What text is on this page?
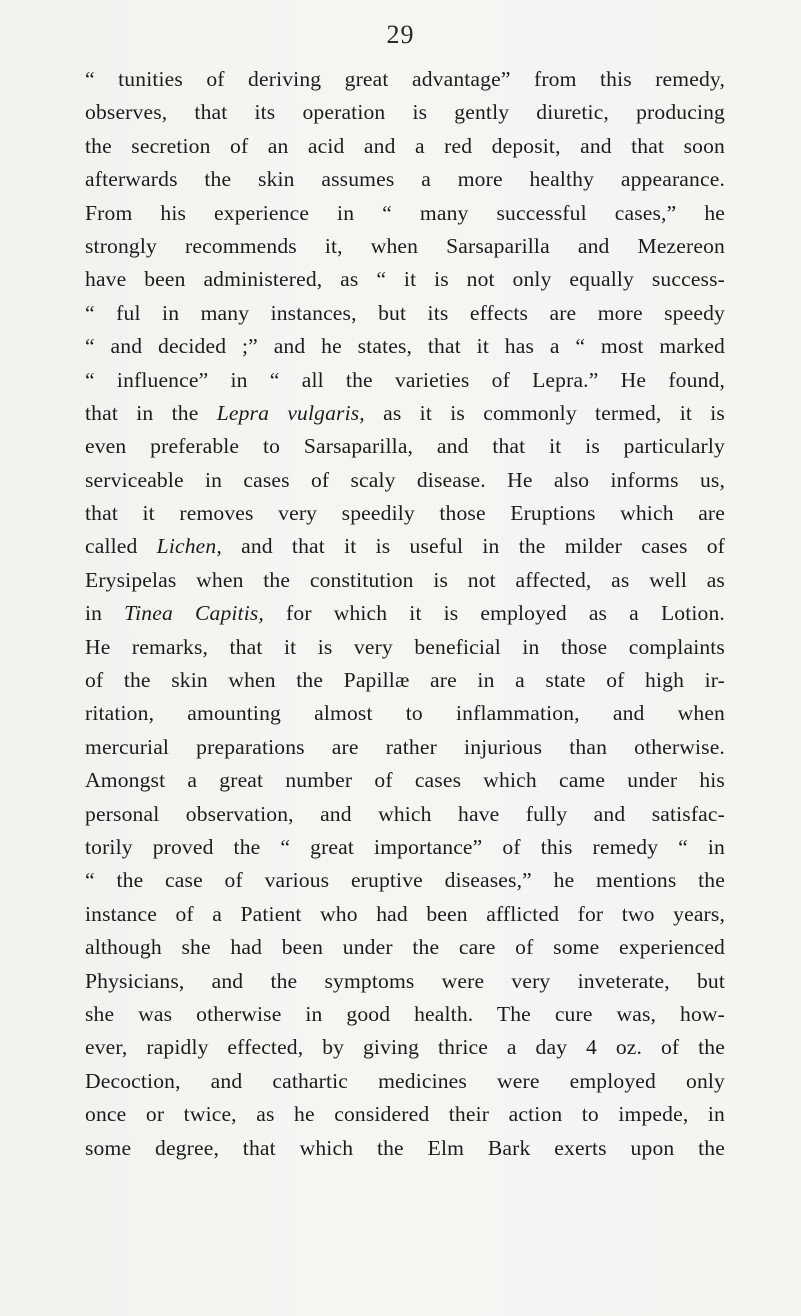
29
“ tunities of deriving great advantage” from this remedy,
observes, that its operation is gently diuretic, producing
the secretion of an acid and a red deposit, and that soon
afterwards the skin assumes a more healthy appearance.
From his experience in “ many successful cases,” he
strongly recommends it, when Sarsaparilla and Mezereon
have been administered, as “ it is not only equally success-
“ ful in many instances, but its effects are more speedy
“ and decided ;” and he states, that it has a “ most marked
“ influence” in “ all the varieties of Lepra.” He found,
that in the Lepra vulgaris, as it is commonly termed, it is
even preferable to Sarsaparilla, and that it is particularly
serviceable in cases of scaly disease. He also informs us,
that it removes very speedily those Eruptions which are
called Lichen, and that it is useful in the milder cases of
Erysipelas when the constitution is not affected, as well as
in Tinea Capitis, for which it is employed as a Lotion.
He remarks, that it is very beneficial in those complaints
of the skin when the Papillæ are in a state of high ir-
ritation, amounting almost to inflammation, and when
mercurial preparations are rather injurious than otherwise.
Amongst a great number of cases which came under his
personal observation, and which have fully and satisfac-
torily proved the “ great importance” of this remedy “ in
“ the case of various eruptive diseases,” he mentions the
instance of a Patient who had been afflicted for two years,
although she had been under the care of some experienced
Physicians, and the symptoms were very inveterate, but
she was otherwise in good health. The cure was, how-
ever, rapidly effected, by giving thrice a day 4 oz. of the
Decoction, and cathartic medicines were employed only
once or twice, as he considered their action to impede, in
some degree, that which the Elm Bark exerts upon the
